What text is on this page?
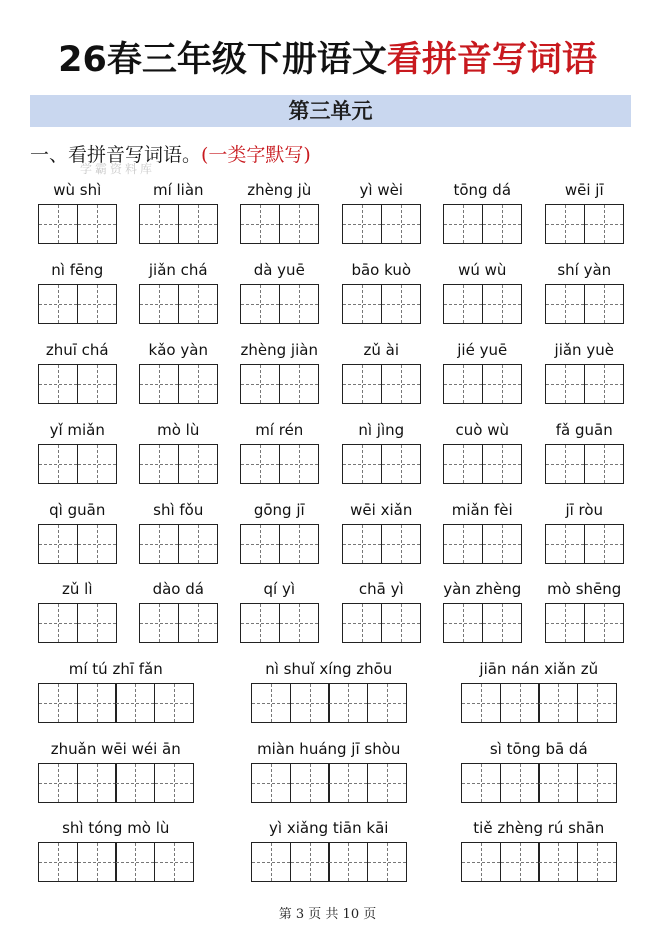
26春三年级下册语文看拼音写词语
第三单元
一、看拼音写词语。(一类字默写)
学霸资料库
wù shì	mí liàn	zhèng jù	yì wèi	tōng dá	wēi jī
nì fēng	jiǎn chá	dà yuē	bāo kuò	wú wù	shí yàn
zhuī chá	kǎo yàn	zhèng jiàn	zǔ ài	jié yuē	jiǎn yuè
yǐ miǎn	mò lù	mí rén	nì jìng	cuò wù	fǎ guān
qì guān	shì fǒu	gōng jī	wēi xiǎn	miǎn fèi	jī ròu
zǔ lì	dào dá	qí yì	chā yì	yàn zhèng	mò shēng
mí tú zhī fǎn	nì shuǐ xíng zhōu	jiān nán xiǎn zǔ
zhuǎn wēi wéi ān	miàn huáng jī shòu	sì tōng bā dá
shì tóng mò lù	yì xiǎng tiān kāi	tiě zhèng rú shān
第 3 页 共 10 页
